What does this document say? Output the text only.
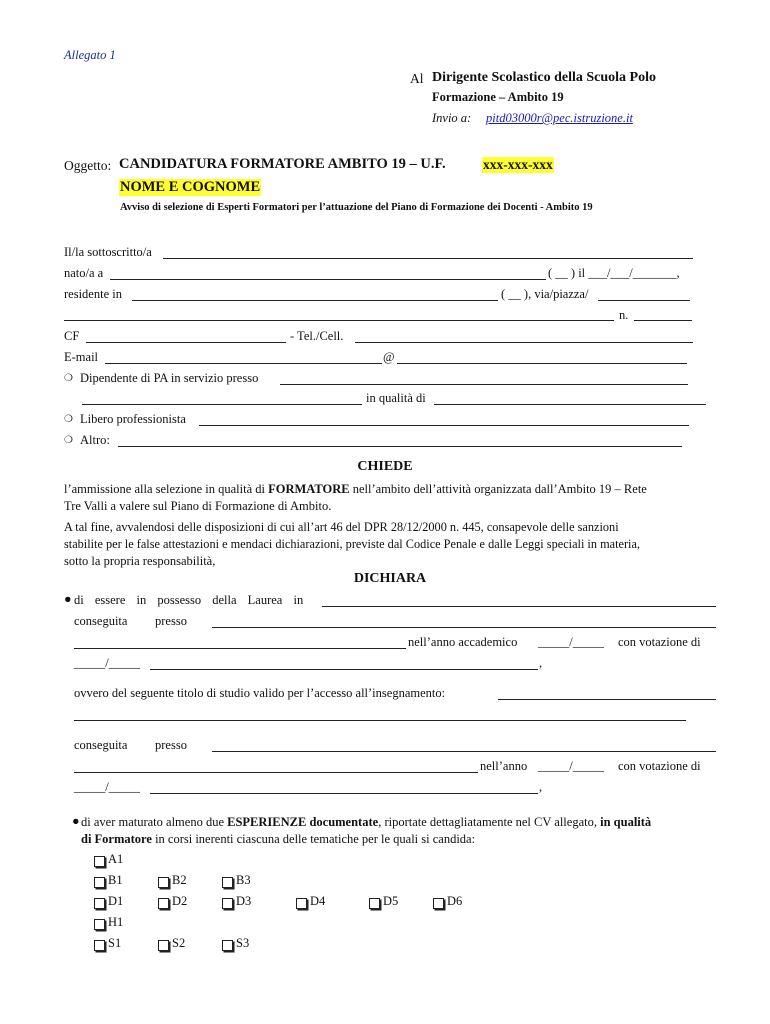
Allegato 1
Al Dirigente Scolastico della Scuola Polo
Formazione – Ambito 19
Invio a: pitd03000r@pec.istruzione.it
Oggetto: CANDIDATURA FORMATORE AMBITO 19 – U.F.	xxx-xxx-xxx
NOME E COGNOME
Avviso di selezione di Esperti Formatori per l’attuazione del Piano di Formazione dei Docenti - Ambito 19
Il/la sottoscritto/a
nato/a a	( __ ) il ___/___/_______,
residente in	( __ ), via/piazza/
n.
CF	- Tel./Cell.
E-mail	@
❍ Dipendente di PA in servizio presso
in qualità di
❍ Libero professionista
❍ Altro:
CHIEDE
l’ammissione alla selezione in qualità di FORMATORE nell’ambito dell’attività organizzata dall’Ambito 19 – Rete
Tre Valli a valere sul Piano di Formazione di Ambito.
A tal fine, avvalendosi delle disposizioni di cui all’art 46 del DPR 28/12/2000 n. 445, consapevole delle sanzioni
stabilite per le false attestazioni e mendaci dichiarazioni, previste dal Codice Penale e dalle Leggi speciali in materia,
sotto la propria responsabilità,
DICHIARA
● di essere in possesso della Laurea in
conseguita presso
nell’anno accademico _____/_____ con votazione di
_____/_____	,
ovvero del seguente titolo di studio valido per l’accesso all’insegnamento:
conseguita presso
nell’anno _____/_____ con votazione di
_____/_____	,
● di aver maturato almeno due ESPERIENZE documentate, riportate dettagliatamente nel CV allegato, in qualità
di Formatore in corsi inerenti ciascuna delle tematiche per le quali si candida:
A1
B1	B2	B3
D1	D2	D3	D4	D5	D6
H1
S1	S2	S3
